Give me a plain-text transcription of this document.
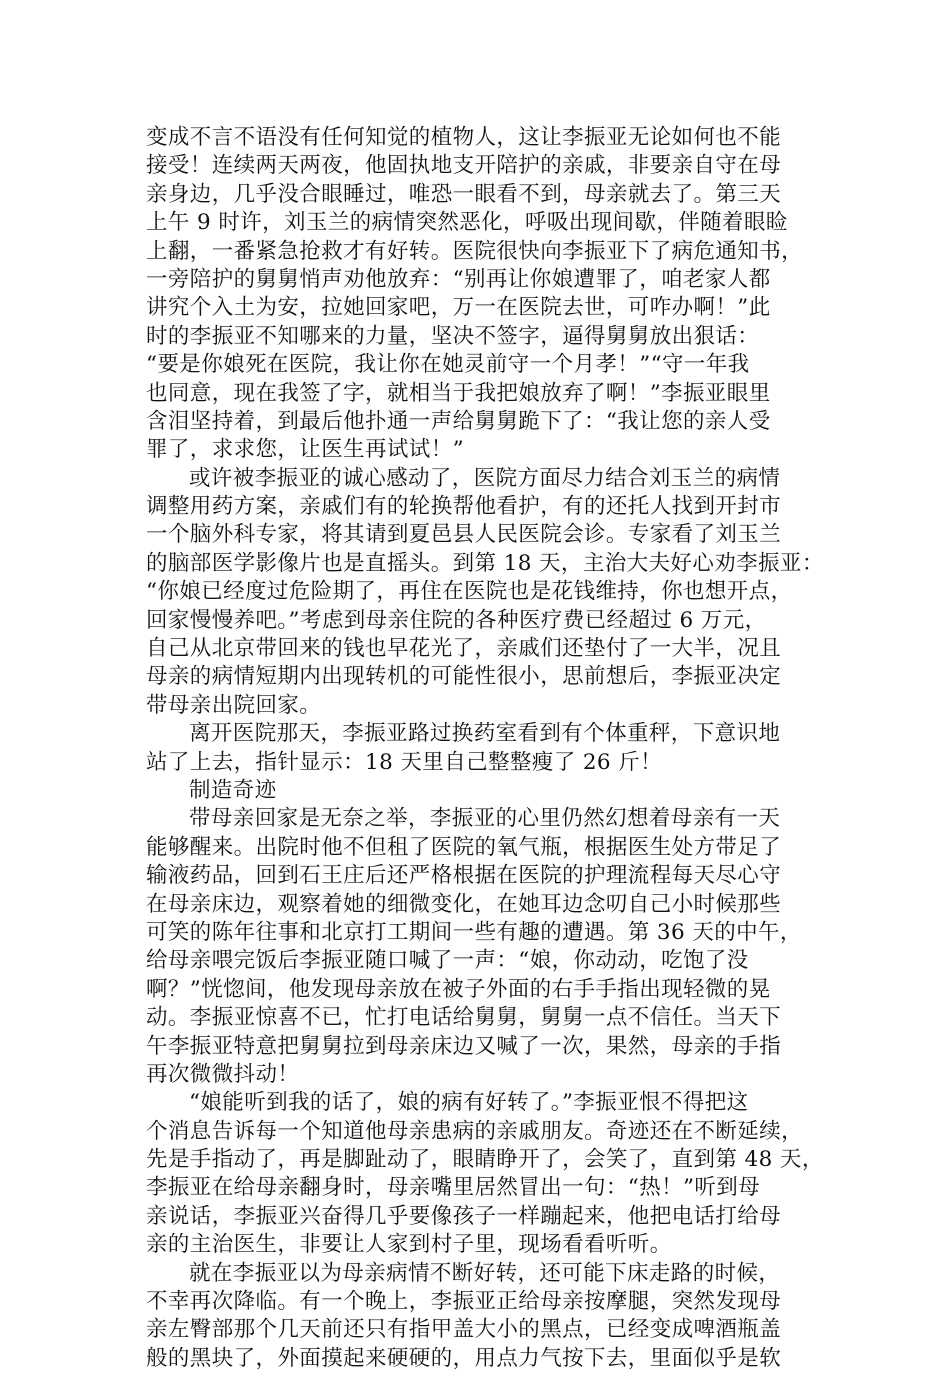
变成不言不语没有任何知觉的植物人，这让李振亚无论如何也不能
接受！连续两天两夜，他固执地支开陪护的亲戚，非要亲自守在母
亲身边，几乎没合眼睡过，唯恐一眼看不到，母亲就去了。第三天
上午 9 时许，刘玉兰的病情突然恶化，呼吸出现间歇，伴随着眼睑
上翻，一番紧急抢救才有好转。医院很快向李振亚下了病危通知书，
一旁陪护的舅舅悄声劝他放弃：“别再让你娘遭罪了，咱老家人都
讲究个入土为安，拉她回家吧，万一在医院去世，可咋办啊！”此
时的李振亚不知哪来的力量，坚决不签字，逼得舅舅放出狠话：
“要是你娘死在医院，我让你在她灵前守一个月孝！”“守一年我
也同意，现在我签了字，就相当于我把娘放弃了啊！”李振亚眼里
含泪坚持着，到最后他扑通一声给舅舅跪下了：“我让您的亲人受
罪了，求求您，让医生再试试！”
或许被李振亚的诚心感动了，医院方面尽力结合刘玉兰的病情
调整用药方案，亲戚们有的轮换帮他看护，有的还托人找到开封市
一个脑外科专家，将其请到夏邑县人民医院会诊。专家看了刘玉兰
的脑部医学影像片也是直摇头。到第 18 天，主治大夫好心劝李振亚：
“你娘已经度过危险期了，再住在医院也是花钱维持，你也想开点，
回家慢慢养吧。”考虑到母亲住院的各种医疗费已经超过 6 万元，
自己从北京带回来的钱也早花光了，亲戚们还垫付了一大半，况且
母亲的病情短期内出现转机的可能性很小，思前想后，李振亚决定
带母亲出院回家。
离开医院那天，李振亚路过换药室看到有个体重秤，下意识地
站了上去，指针显示：18 天里自己整整瘦了 26 斤！
制造奇迹
带母亲回家是无奈之举，李振亚的心里仍然幻想着母亲有一天
能够醒来。出院时他不但租了医院的氧气瓶，根据医生处方带足了
输液药品，回到石王庄后还严格根据在医院的护理流程每天尽心守
在母亲床边，观察着她的细微变化，在她耳边念叨自己小时候那些
可笑的陈年往事和北京打工期间一些有趣的遭遇。第 36 天的中午，
给母亲喂完饭后李振亚随口喊了一声：“娘，你动动，吃饱了没
啊？”恍惚间，他发现母亲放在被子外面的右手手指出现轻微的晃
动。李振亚惊喜不已，忙打电话给舅舅，舅舅一点不信任。当天下
午李振亚特意把舅舅拉到母亲床边又喊了一次，果然，母亲的手指
再次微微抖动！
“娘能听到我的话了，娘的病有好转了。”李振亚恨不得把这
个消息告诉每一个知道他母亲患病的亲戚朋友。奇迹还在不断延续，
先是手指动了，再是脚趾动了，眼睛睁开了，会笑了，直到第 48 天，
李振亚在给母亲翻身时，母亲嘴里居然冒出一句：“热！”听到母
亲说话，李振亚兴奋得几乎要像孩子一样蹦起来，他把电话打给母
亲的主治医生，非要让人家到村子里，现场看看听听。
就在李振亚以为母亲病情不断好转，还可能下床走路的时候，
不幸再次降临。有一个晚上，李振亚正给母亲按摩腿，突然发现母
亲左臀部那个几天前还只有指甲盖大小的黑点，已经变成啤酒瓶盖
般的黑块了，外面摸起来硬硬的，用点力气按下去，里面似乎是软
